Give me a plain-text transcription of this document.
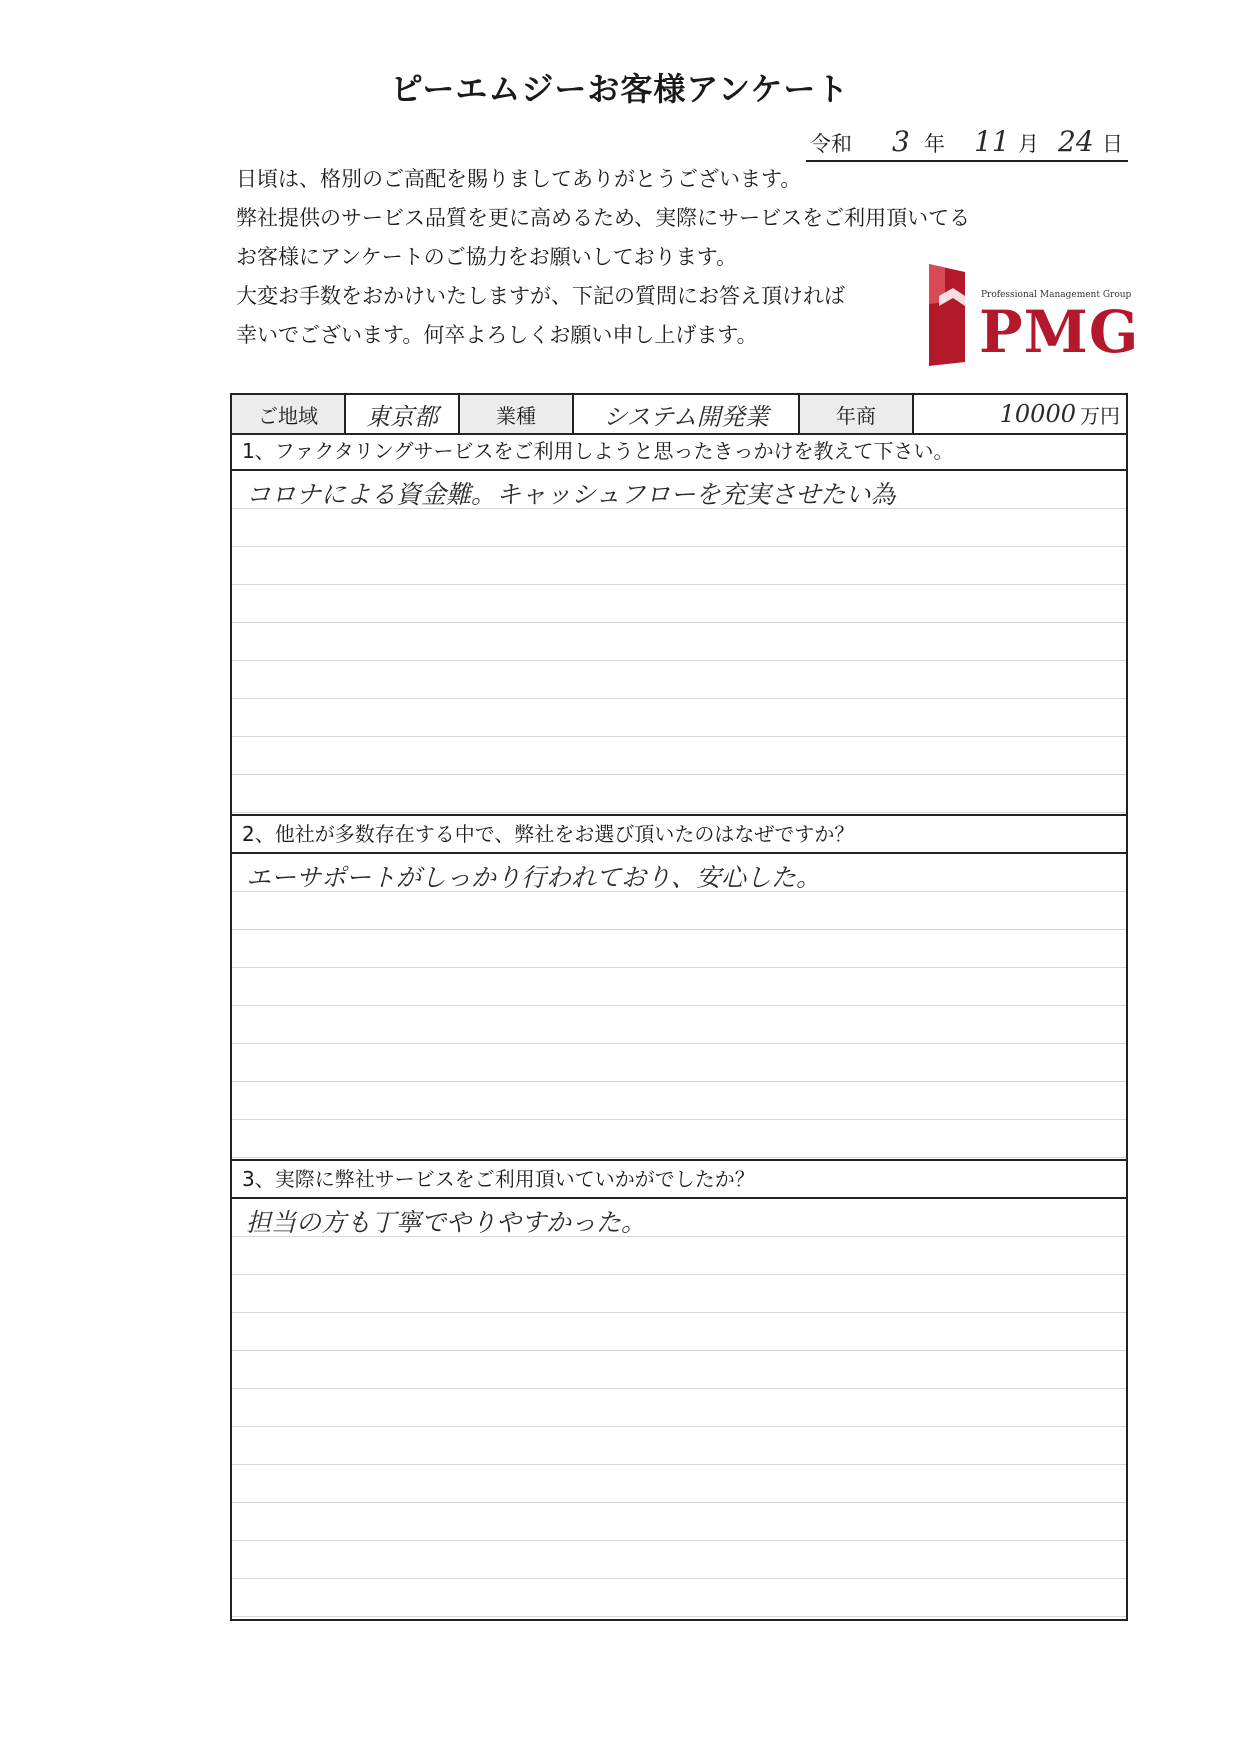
ピーエムジーお客様アンケート
令和 3 年 11 月 24 日
日頃は、格別のご高配を賜りましてありがとうございます。
弊社提供のサービス品質を更に高めるため、実際にサービスをご利用頂いてる
お客様にアンケートのご協力をお願いしております。
大変お手数をおかけいたしますが、下記の質問にお答え頂ければ
幸いでございます。何卒よろしくお願い申し上げます。
Professional Management Group
PMG
ご地域	東京都	業種	システム開発業	年商	10000 万円
1、ファクタリングサービスをご利用しようと思ったきっかけを教えて下さい。
コロナによる資金難。キャッシュフローを充実させたい為
2、他社が多数存在する中で、弊社をお選び頂いたのはなぜですか？
エーサポートがしっかり行われており、安心した。
3、実際に弊社サービスをご利用頂いていかがでしたか？
担当の方も丁寧でやりやすかった。
